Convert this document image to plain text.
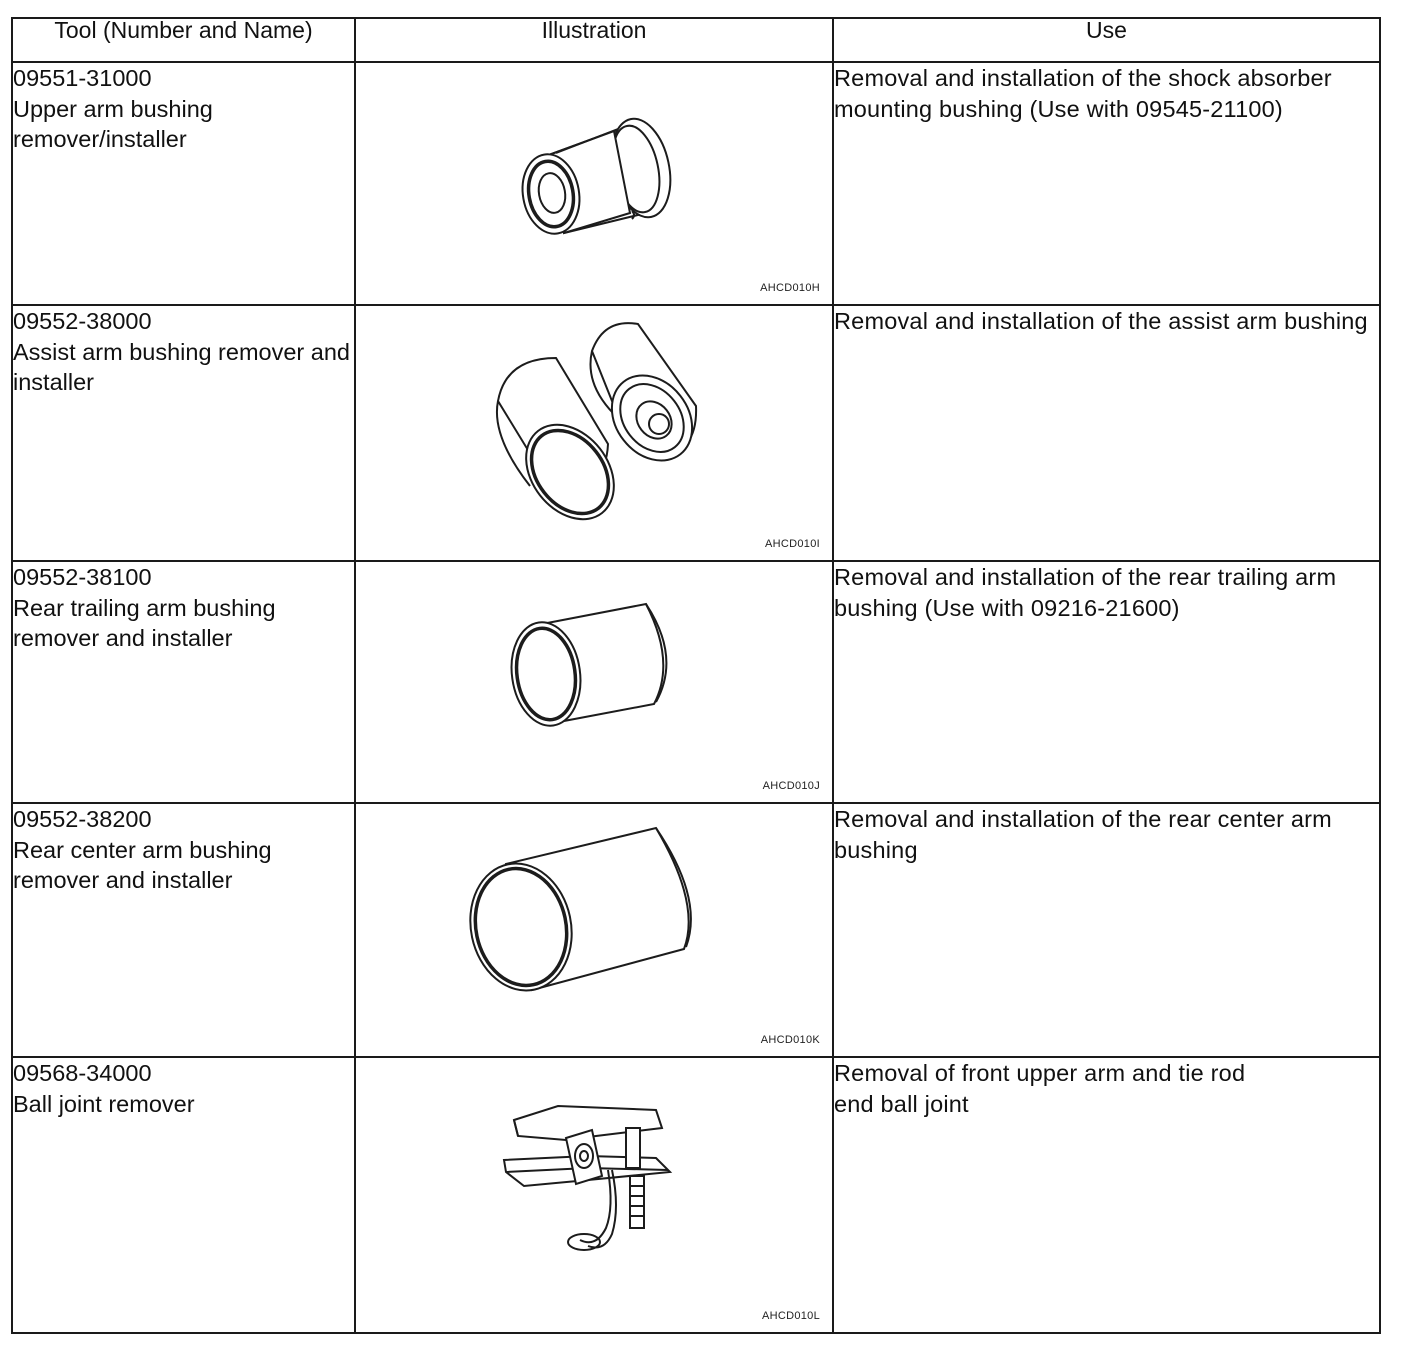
Tool (Number and Name)	Illustration	Use

09551-31000
Upper arm bushing remover/installer	AHCD010H	Removal and installation of the shock absorber mounting bushing (Use with 09545-21100)

09552-38000
Assist arm bushing remover and installer	AHCD010I	Removal and installation of the assist arm bushing

09552-38100
Rear trailing arm bushing remover and installer	AHCD010J	Removal and installation of the rear trailing arm bushing (Use with 09216-21600)

09552-38200
Rear center arm bushing remover and installer	AHCD010K	Removal and installation of the rear center arm bushing

09568-34000
Ball joint remover	AHCD010L	Removal of front upper arm and tie rod end ball joint
